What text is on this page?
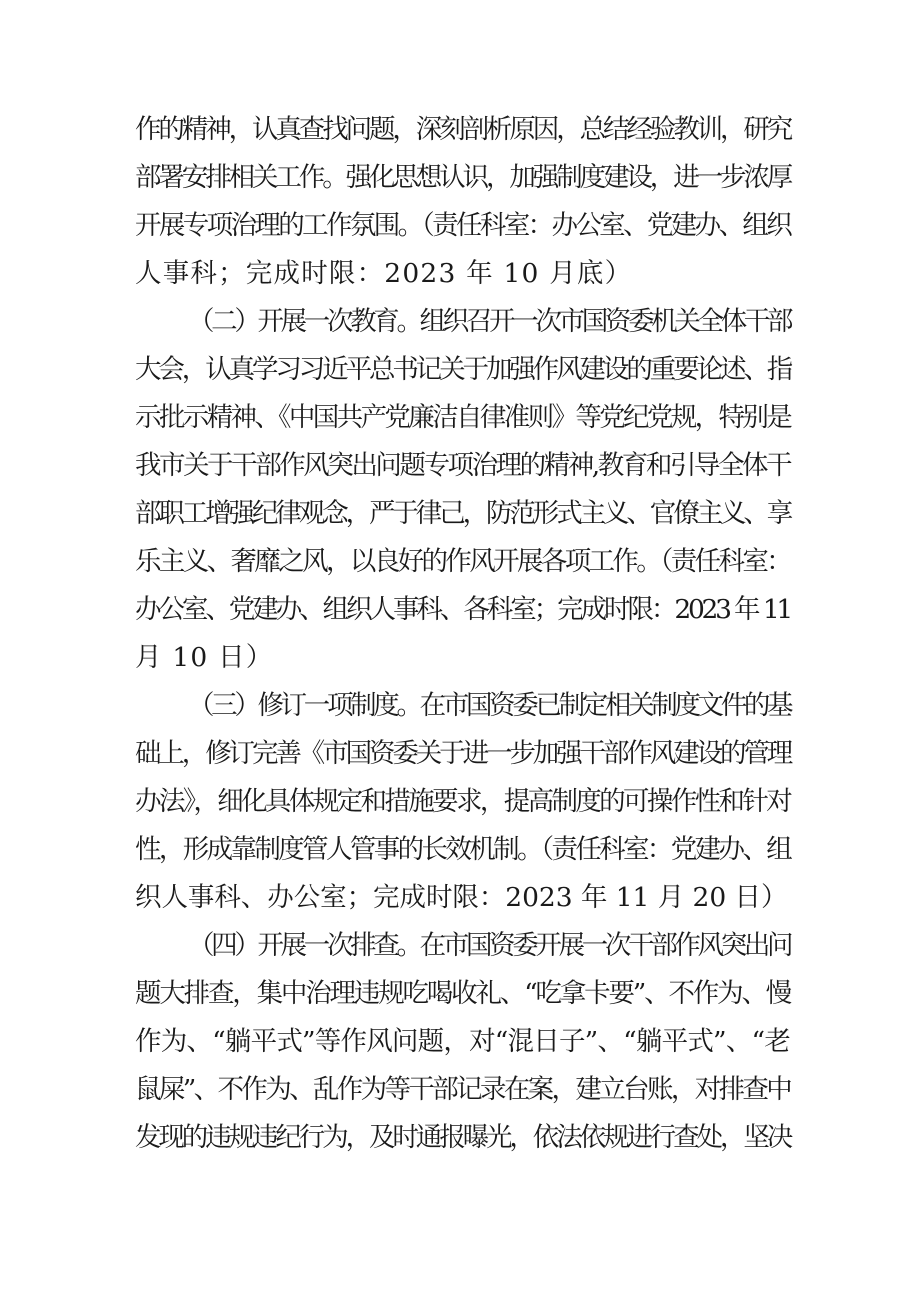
作的精神，认真查找问题，深刻剖析原因，总结经验教训，研究
部署安排相关工作。强化思想认识，加强制度建设，进一步浓厚
开展专项治理的工作氛围。（责任科室：办公室、党建办、组织
人事科；完成时限：2023 年 10 月底）
（二）开展一次教育。组织召开一次市国资委机关全体干部
大会，认真学习习近平总书记关于加强作风建设的重要论述、指
示批示精神、《中国共产党廉洁自律准则》等党纪党规，特别是
我市关于干部作风突出问题专项治理的精神,教育和引导全体干
部职工增强纪律观念，严于律己，防范形式主义、官僚主义、享
乐主义、奢靡之风，以良好的作风开展各项工作。（责任科室：
办公室、党建办、组织人事科、各科室；完成时限：2023 年 11
月 10 日）
（三）修订一项制度。在市国资委已制定相关制度文件的基
础上，修订完善《市国资委关于进一步加强干部作风建设的管理
办法》，细化具体规定和措施要求，提高制度的可操作性和针对
性，形成靠制度管人管事的长效机制。（责任科室：党建办、组
织人事科、办公室；完成时限：2023 年 11 月 20 日）
（四）开展一次排查。在市国资委开展一次干部作风突出问
题大排查，集中治理违规吃喝收礼、“吃拿卡要”、不作为、慢
作为、“躺平式”等作风问题，对“混日子”、“躺平式”、“老
鼠屎”、不作为、乱作为等干部记录在案，建立台账，对排查中
发现的违规违纪行为，及时通报曝光，依法依规进行查处，坚决
